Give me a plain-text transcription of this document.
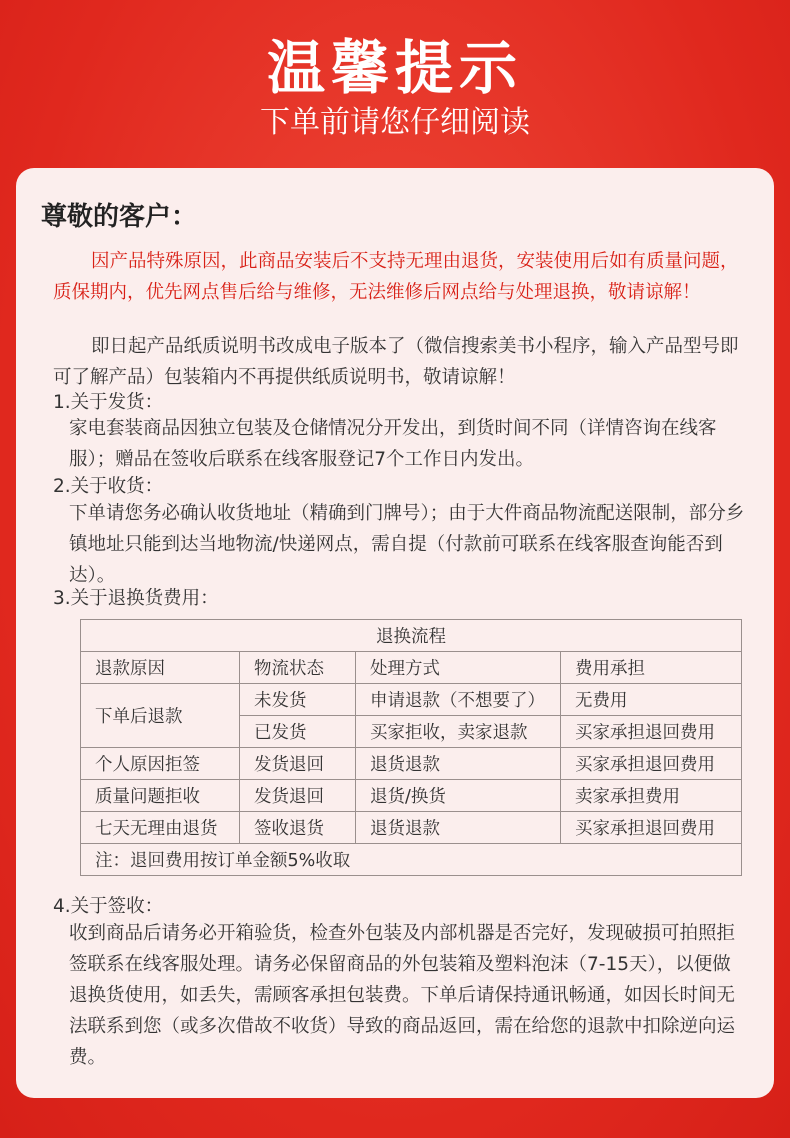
温馨提示
下单前请您仔细阅读
尊敬的客户：
因产品特殊原因，此商品安装后不支持无理由退货，安装使用后如有质量问题，质保期内，优先网点售后给与维修，无法维修后网点给与处理退换，敬请谅解！
即日起产品纸质说明书改成电子版本了（微信搜索美书小程序，输入产品型号即可了解产品）包装箱内不再提供纸质说明书，敬请谅解！
1.关于发货：
家电套装商品因独立包装及仓储情况分开发出，到货时间不同（详情咨询在线客服）；赠品在签收后联系在线客服登记7个工作日内发出。
2.关于收货：
下单请您务必确认收货地址（精确到门牌号）；由于大件商品物流配送限制，部分乡镇地址只能到达当地物流/快递网点，需自提（付款前可联系在线客服查询能否到达）。
3.关于退换货费用：
退换流程			
退款原因	物流状态	处理方式	费用承担
下单后退款	未发货	申请退款（不想要了）	无费用
	已发货	买家拒收，卖家退款	买家承担退回费用
个人原因拒签	发货退回	退货退款	买家承担退回费用
质量问题拒收	发货退回	退货/换货	卖家承担费用
七天无理由退货	签收退货	退货退款	买家承担退回费用
注：退回费用按订单金额5%收取			
4.关于签收：
收到商品后请务必开箱验货，检查外包装及内部机器是否完好，发现破损可拍照拒签联系在线客服处理。请务必保留商品的外包装箱及塑料泡沫（7-15天），以便做退换货使用，如丢失，需顾客承担包装费。下单后请保持通讯畅通，如因长时间无法联系到您（或多次借故不收货）导致的商品返回，需在给您的退款中扣除逆向运费。
